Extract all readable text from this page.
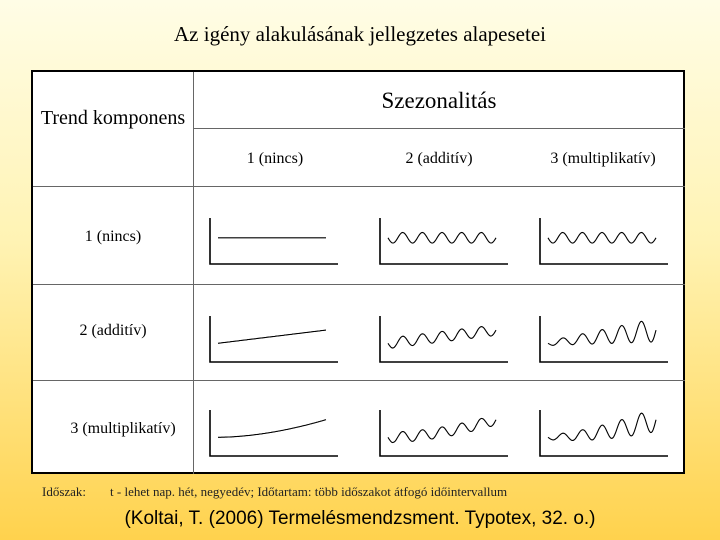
Az igény alakulásának jellegzetes alapesetei
Trend komponens
Szezonalitás
1 (nincs)	2 (additív)	3 (multiplikatív)
1 (nincs)
2 (additív)
3 (multiplikatív)
Időszak: t - lehet nap. hét, negyedév; Időtartam: több időszakot átfogó időintervallum
(Koltai, T. (2006) Termelésmendzsment. Typotex, 32. o.)
